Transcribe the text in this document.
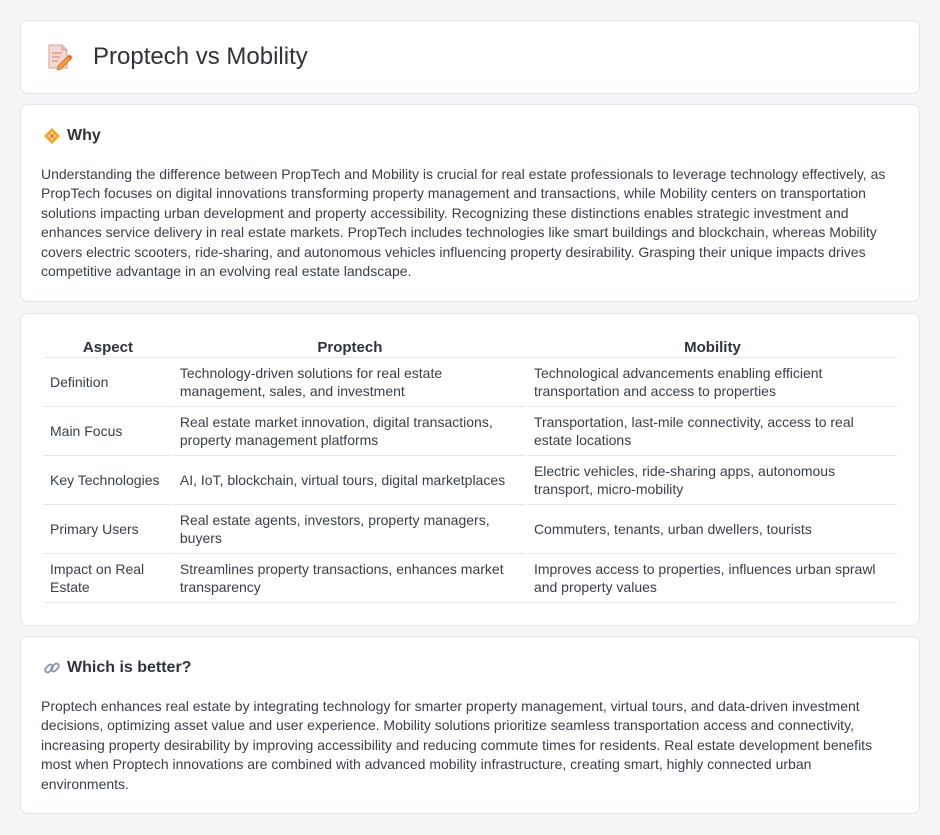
Proptech vs Mobility
Why

Understanding the difference between PropTech and Mobility is crucial for real estate professionals to leverage technology effectively, as PropTech focuses on digital innovations transforming property management and transactions, while Mobility centers on transportation solutions impacting urban development and property accessibility. Recognizing these distinctions enables strategic investment and enhances service delivery in real estate markets. PropTech includes technologies like smart buildings and blockchain, whereas Mobility covers electric scooters, ride-sharing, and autonomous vehicles influencing property desirability. Grasping their unique impacts drives competitive advantage in an evolving real estate landscape.

Aspect	Proptech	Mobility
Definition	Technology-driven solutions for real estate management, sales, and investment	Technological advancements enabling efficient transportation and access to properties
Main Focus	Real estate market innovation, digital transactions, property management platforms	Transportation, last-mile connectivity, access to real estate locations
Key Technologies	AI, IoT, blockchain, virtual tours, digital marketplaces	Electric vehicles, ride-sharing apps, autonomous transport, micro-mobility
Primary Users	Real estate agents, investors, property managers, buyers	Commuters, tenants, urban dwellers, tourists
Impact on Real Estate	Streamlines property transactions, enhances market transparency	Improves access to properties, influences urban sprawl and property values
Which is better?

Proptech enhances real estate by integrating technology for smarter property management, virtual tours, and data-driven investment decisions, optimizing asset value and user experience. Mobility solutions prioritize seamless transportation access and connectivity, increasing property desirability by improving accessibility and reducing commute times for residents. Real estate development benefits most when Proptech innovations are combined with advanced mobility infrastructure, creating smart, highly connected urban environments.
